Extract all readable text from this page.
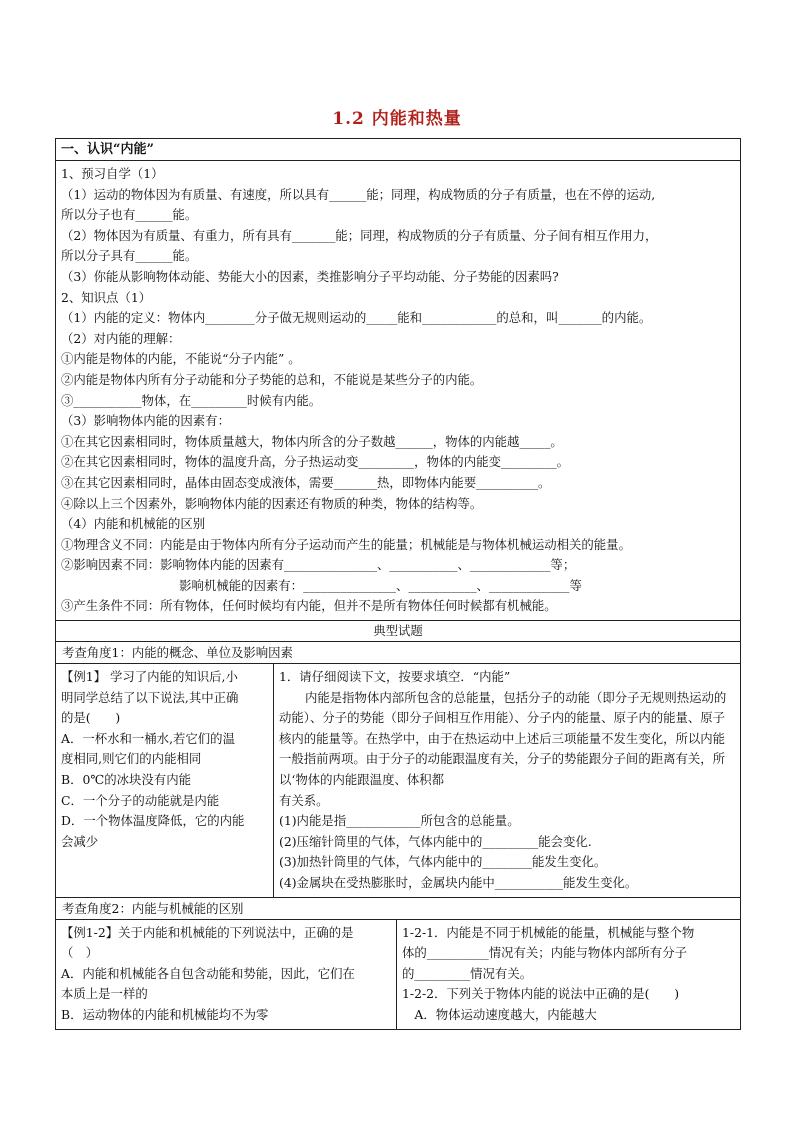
1.2 内能和热量
一、认识“内能”
1、预习自学（1）
（1）运动的物体因为有质量、有速度，所以具有______能；同理，构成物质的分子有质量，也在不停的运动,
所以分子也有______能。
（2）物体因为有质量、有重力，所有具有_______能；同理，构成物质的分子有质量、分子间有相互作用力，
所以分子具有______能。
（3）你能从影响物体动能、势能大小的因素，类推影响分子平均动能、分子势能的因素吗?
2、知识点（1）
（1）内能的定义：物体内________分子做无规则运动的_____能和____________的总和，叫_______的内能。
（2）对内能的理解：
①内能是物体的内能，不能说“分子内能” 。
②内能是物体内所有分子动能和分子势能的总和，不能说是某些分子的内能。
③___________物体，在_________时候有内能。
（3）影响物体内能的因素有：
①在其它因素相同时，物体质量越大，物体内所含的分子数越______，物体的内能越_____。
②在其它因素相同时，物体的温度升高，分子热运动变_________，物体的内能变_________。
③在其它因素相同时，晶体由固态变成液体，需要_______热，即物体内能要__________。
④除以上三个因素外，影响物体内能的因素还有物质的种类，物体的结构等。
（4）内能和机械能的区别
①物理含义不同：内能是由于物体内所有分子运动而产生的能量；机械能是与物体机械运动相关的能量。
②影响因素不同：影响物体内能的因素有_______________、___________、_____________等；
影响机械能的因素有：_______________、___________、_____________等
③产生条件不同：所有物体，任何时候均有内能，但并不是所有物体任何时候都有机械能。
典型试题
考查角度1：内能的概念、单位及影响因素
【例1】 学习了内能的知识后,小
明同学总结了以下说法,其中正确
的是(　　)
A．一杯水和一桶水,若它们的温
度相同,则它们的内能相同
B．0℃的冰块没有内能
C．一个分子的动能就是内能
D．一个物体温度降低，它的内能
会减少
1．请仔细阅读下文，按要求填空．“内能”
内能是指物体内部所包含的总能量，包括分子的动能（即分子无规则热运动的动能）、分子的势能（即分子间相互作用能）、分子内的能量、原子内的能量、原子核内的能量等。在热学中，由于在热运动中上述后三项能量不发生变化，所以内能一般指前两项。由于分子的动能跟温度有关，分子的势能跟分子间的距离有关，所以‘物体的内能跟温度、体积都
有关系。
(1)内能是指____________所包含的总能量。
(2)压缩针筒里的气体，气体内能中的_________能会变化.
(3)加热针筒里的气体，气体内能中的________能发生变化。
(4)金属块在受热膨胀时，金属块内能中___________能发生变化。
考查角度2：内能与机械能的区别
【例1-2】关于内能和机械能的下列说法中，正确的是
（　）
A．内能和机械能各自包含动能和势能，因此，它们在
本质上是一样的
B．运动物体的内能和机械能均不为零
1-2-1．内能是不同于机械能的能量，机械能与整个物
体的__________情况有关；内能与物体内部所有分子
的_________情况有关。
1-2-2．下列关于物体内能的说法中正确的是(　　)
　A．物体运动速度越大，内能越大
